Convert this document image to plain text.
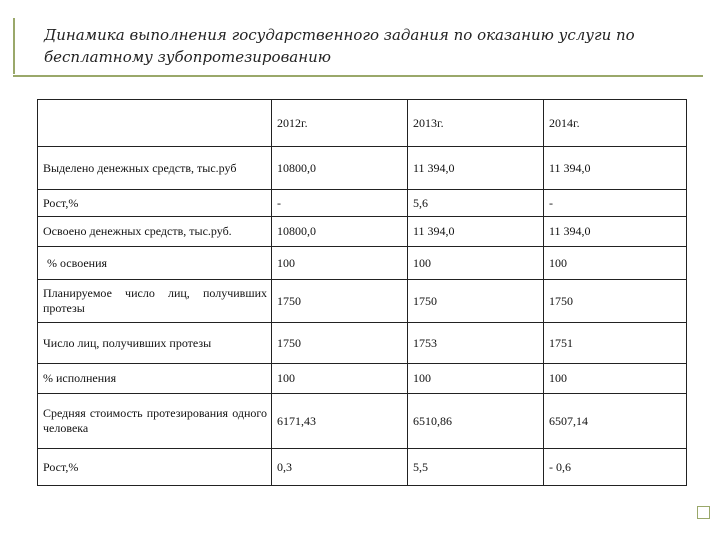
Динамика выполнения государственного задания по оказанию услуги по бесплатному зубопротезированию
	2012г.	2013г.	2014г.
Выделено денежных средств, тыс.руб	10800,0	11 394,0	11 394,0
Рост,%	-	5,6	-
Освоено денежных средств, тыс.руб.	10800,0	11 394,0	11 394,0
% освоения	100	100	100
Планируемое число лиц, получивших протезы	1750	1750	1750
Число лиц, получивших протезы	1750	1753	1751
% исполнения	100	100	100
Средняя стоимость протезирования одного человека	6171,43	6510,86	6507,14
Рост,%	0,3	5,5	- 0,6
